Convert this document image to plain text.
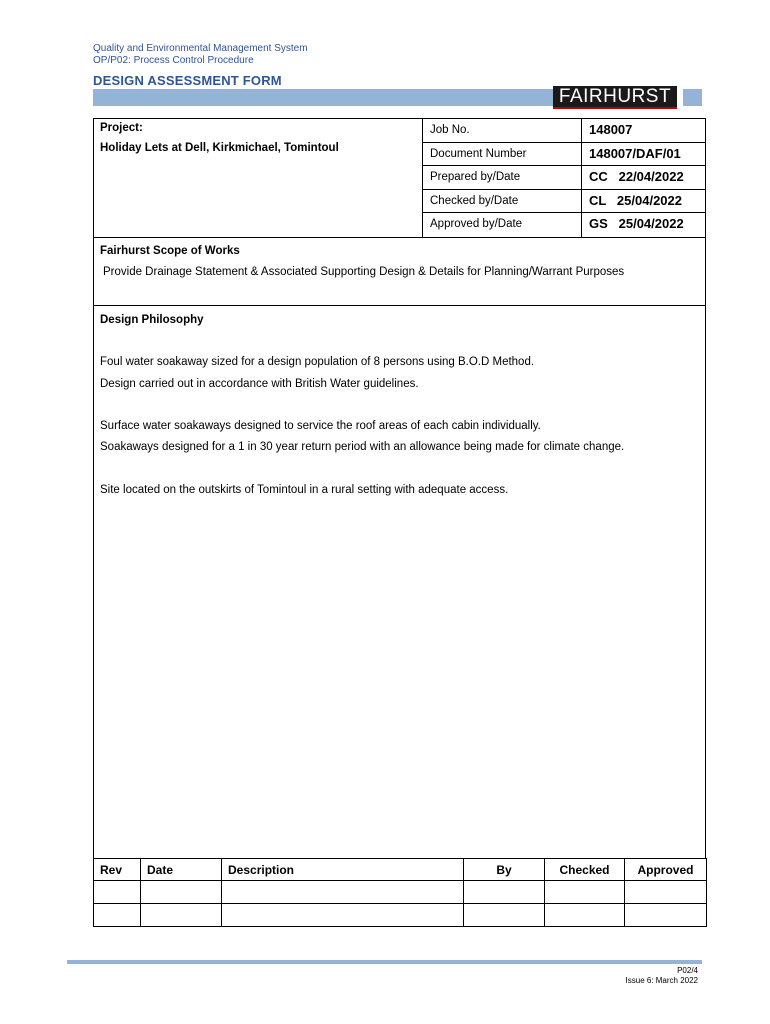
Quality and Environmental Management System
OP/P02: Process Control Procedure
DESIGN ASSESSMENT FORM
FAIRHURST
Project:
Holiday Lets at Dell, Kirkmichael, Tomintoul
Job No.	148007
Document Number	148007/DAF/01
Prepared by/Date	CC   22/04/2022
Checked by/Date	CL   25/04/2022
Approved by/Date	GS   25/04/2022
Fairhurst Scope of Works
Provide Drainage Statement & Associated Supporting Design & Details for Planning/Warrant Purposes
Design Philosophy
Foul water soakaway sized for a design population of 8 persons using B.O.D Method.
Design carried out in accordance with British Water guidelines.
Surface water soakaways designed to service the roof areas of each cabin individually.
Soakaways designed for a 1 in 30 year return period with an allowance being made for climate change.
Site located on the outskirts of Tomintoul in a rural setting with adequate access.
Rev	Date	Description	By	Checked	Approved

P02/4
Issue 6: March 2022
